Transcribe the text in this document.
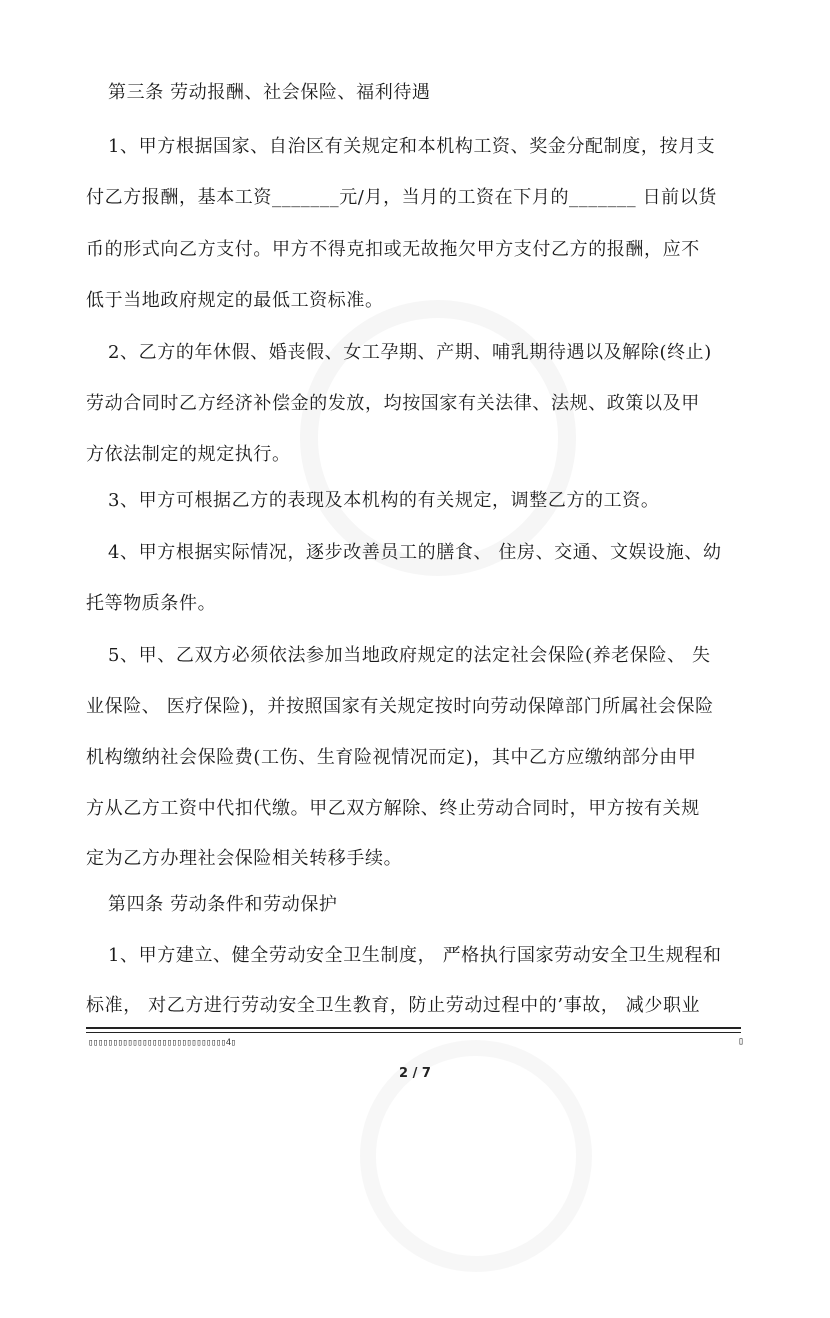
第三条 劳动报酬、社会保险、福利待遇
1、甲方根据国家、自治区有关规定和本机构工资、奖金分配制度，按月支
付乙方报酬，基本工资_______元/月，当月的工资在下月的_______ 日前以货
币的形式向乙方支付。甲方不得克扣或无故拖欠甲方支付乙方的报酬，应不
低于当地政府规定的最低工资标准。
2、乙方的年休假、婚丧假、女工孕期、产期、哺乳期待遇以及解除(终止)
劳动合同时乙方经济补偿金的发放，均按国家有关法律、法规、政策以及甲
方依法制定的规定执行。
3、甲方可根据乙方的表现及本机构的有关规定，调整乙方的工资。
4、甲方根据实际情况，逐步改善员工的膳食、 住房、交通、文娱设施、幼
托等物质条件。
5、甲、乙双方必须依法参加当地政府规定的法定社会保险(养老保险、 失
业保险、 医疗保险)，并按照国家有关规定按时向劳动保障部门所属社会保险
机构缴纳社会保险费(工伤、生育险视情况而定)，其中乙方应缴纳部分由甲
方从乙方工资中代扣代缴。甲乙双方解除、终止劳动合同时，甲方按有关规
定为乙方办理社会保险相关转移手续。
第四条 劳动条件和劳动保护
1、甲方建立、健全劳动安全卫生制度， 严格执行国家劳动安全卫生规程和
标准， 对乙方进行劳动安全卫生教育，防止劳动过程中的’事故， 减少职业
▯▯▯▯▯▯▯▯▯▯▯▯▯▯▯▯▯▯▯▯▯▯▯▯▯▯▯▯4▯	▯
2 / 7
